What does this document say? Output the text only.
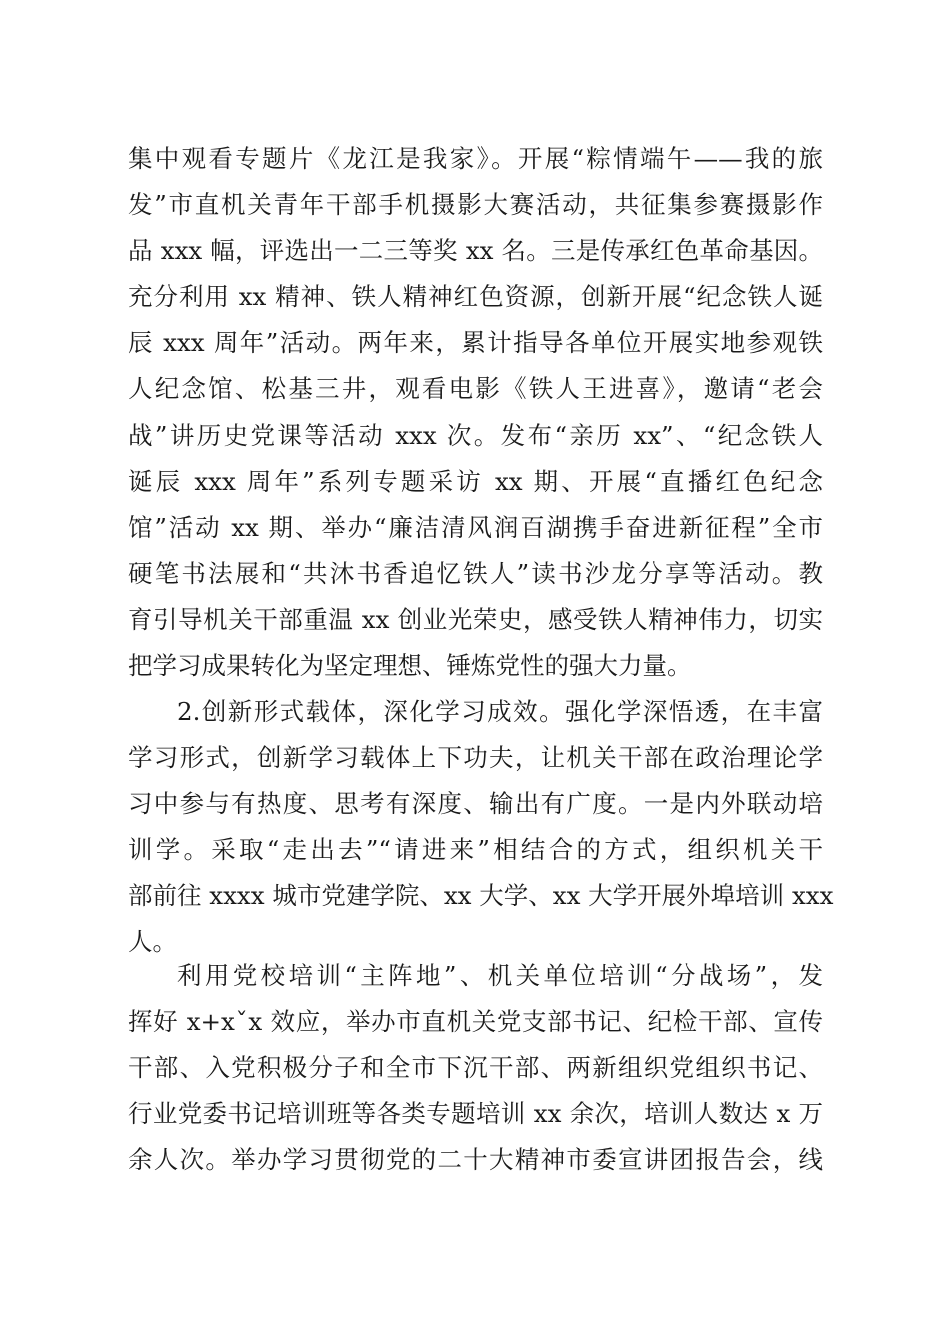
集中观看专题片《龙江是我家》。开展“粽情端午——我的旅
发”市直机关青年干部手机摄影大赛活动，共征集参赛摄影作
品 xxx 幅，评选出一二三等奖 xx 名。三是传承红色革命基因。
充分利用 xx 精神、铁人精神红色资源，创新开展“纪念铁人诞
辰 xxx 周年”活动。两年来，累计指导各单位开展实地参观铁
人纪念馆、松基三井，观看电影《铁人王进喜》，邀请“老会
战”讲历史党课等活动 xxx 次。发布“亲历 xx”、“纪念铁人
诞辰 xxx 周年”系列专题采访 xx 期、开展“直播红色纪念
馆”活动 xx 期、举办“廉洁清风润百湖携手奋进新征程”全市
硬笔书法展和“共沐书香追忆铁人”读书沙龙分享等活动。教
育引导机关干部重温 xx 创业光荣史，感受铁人精神伟力，切实
把学习成果转化为坚定理想、锤炼党性的强大力量。
2.创新形式载体，深化学习成效。强化学深悟透，在丰富
学习形式，创新学习载体上下功夫，让机关干部在政治理论学
习中参与有热度、思考有深度、输出有广度。一是内外联动培
训学。采取“走出去”“请进来”相结合的方式，组织机关干
部前往 xxxx 城市党建学院、xx 大学、xx 大学开展外埠培训 xxx
人。
利用党校培训“主阵地”、机关单位培训“分战场”，发
挥好 x+xˇx 效应，举办市直机关党支部书记、纪检干部、宣传
干部、入党积极分子和全市下沉干部、两新组织党组织书记、
行业党委书记培训班等各类专题培训 xx 余次，培训人数达 x 万
余人次。举办学习贯彻党的二十大精神市委宣讲团报告会，线
